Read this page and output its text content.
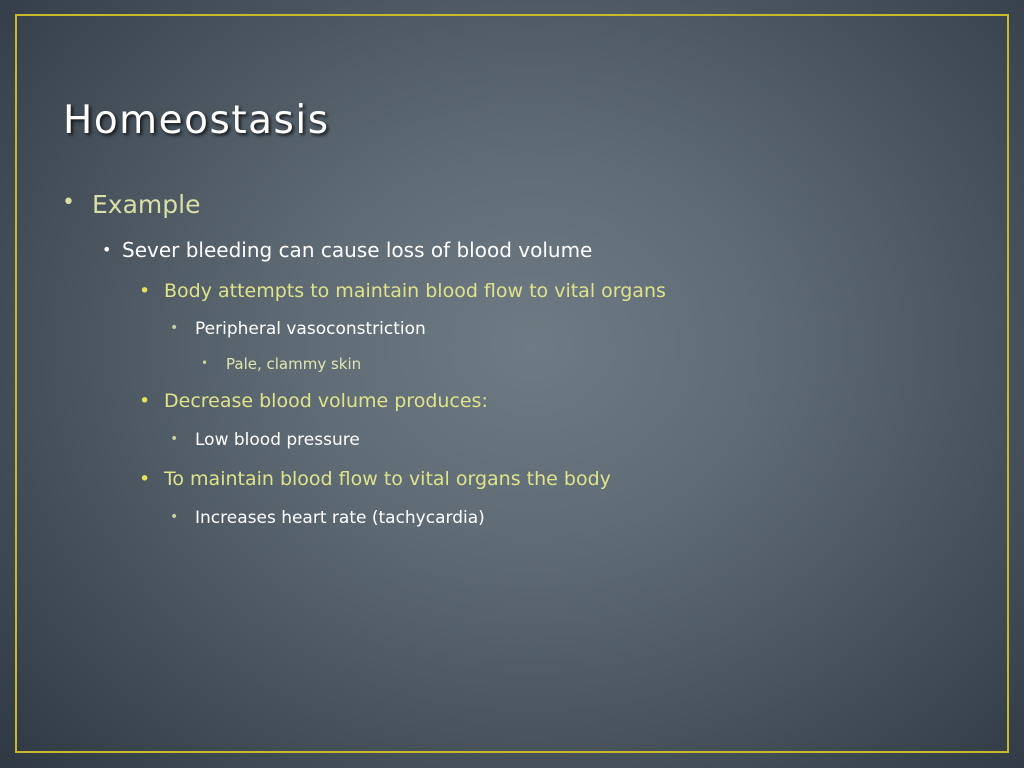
Homeostasis
• Example
• Sever bleeding can cause loss of blood volume
• Body attempts to maintain blood flow to vital organs
• Peripheral vasoconstriction
• Pale, clammy skin
• Decrease blood volume produces:
• Low blood pressure
• To maintain blood flow to vital organs the body
• Increases heart rate (tachycardia)
